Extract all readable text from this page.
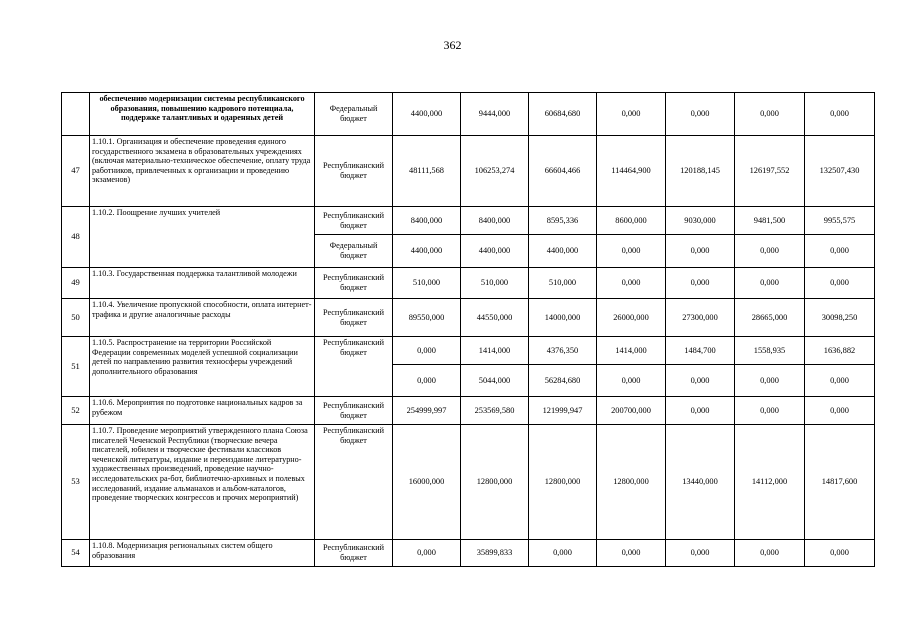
362
	обеспечению модернизации системы республиканского образования, повышению кадрового потенциала, поддержке талантливых и одаренных детей	Федеральный бюджет	4400,000	9444,000	60684,680	0,000	0,000	0,000	0,000
47	1.10.1. Организация и обеспечение проведения единого государственного экзамена в образовательных учреждениях (включая материально-техническое обеспечение, оплату труда работников, привлеченных к организации и проведению экзаменов)	Республиканский бюджет	48111,568	106253,274	66604,466	114464,900	120188,145	126197,552	132507,430
48	1.10.2. Поощрение лучших учителей	Республиканский бюджет	8400,000	8400,000	8595,336	8600,000	9030,000	9481,500	9955,575
		Федеральный бюджет	4400,000	4400,000	4400,000	0,000	0,000	0,000	0,000
49	1.10.3. Государственная поддержка талантливой молодежи	Республиканский бюджет	510,000	510,000	510,000	0,000	0,000	0,000	0,000
50	1.10.4. Увеличение пропускной способности, оплата интернет-трафика и другие аналогичные расходы	Республиканский бюджет	89550,000	44550,000	14000,000	26000,000	27300,000	28665,000	30098,250
51	1.10.5. Распространение на территории Российской Федерации современных моделей успешной социализации детей по направлению развития техносферы учреждений дополнительного образования	Республиканский бюджет	0,000	1414,000	4376,350	1414,000	1484,700	1558,935	1636,882
			0,000	5044,000	56284,680	0,000	0,000	0,000	0,000
52	1.10.6. Мероприятия по подготовке национальных кадров за рубежом	Республиканский бюджет	254999,997	253569,580	121999,947	200700,000	0,000	0,000	0,000
53	1.10.7. Проведение мероприятий утвержденного плана Союза писателей Чеченской Республики (творческие вечера писателей, юбилеи и творческие фестивали классиков чеченской литературы, издание и переиздание литературно-художественных произведений, проведение научно-исследовательских ра-бот, библиотечно-архивных и полевых исследований, издание альманахов и альбом-каталогов, проведение творческих конгрессов и прочих мероприятий)	Республиканский бюджет	16000,000	12800,000	12800,000	12800,000	13440,000	14112,000	14817,600
54	1.10.8. Модернизация региональных систем общего образования	Республиканский бюджет	0,000	35899,833	0,000	0,000	0,000	0,000	0,000
